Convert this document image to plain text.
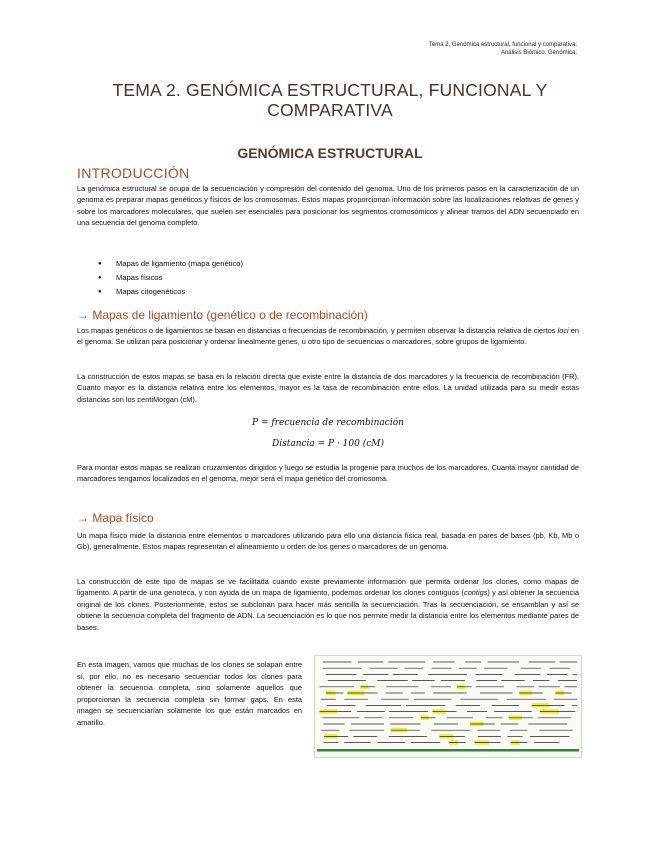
Tema 2. Genómica estructural, funcional y comparativa.
Análisis Biómico. Genómica.
TEMA 2. GENÓMICA ESTRUCTURAL, FUNCIONAL Y
COMPARATIVA
GENÓMICA ESTRUCTURAL
INTRODUCCIÓN

La genómica estructural se ocupa de la secuenciación y compresión del contenido del genoma. Uno de los primeros pasos en la caracterización de un genoma es preparar mapas genéticos y físicos de los cromosomas. Estos mapas proporcionan información sobre las localizaciones relativas de genes y sobre los marcadores moleculares, que suelen ser esenciales para posicionar los segmentos cromosómicos y alinear tramos del ADN secuenciado en una secuencia del genoma completo.

● Mapas de ligamiento (mapa genético)
● Mapas físicos
● Mapas citogenéticos
→ Mapas de ligamiento (genético o de recombinación)

Los mapas genéticos o de ligamientos se basan en distancias o frecuencias de recombinación, y permiten observar la distancia relativa de ciertos loci en el genoma. Se utilizan para posicionar y ordenar linealmente genes, u otro tipo de secuencias o marcadores, sobre grupos de ligamiento.

La construcción de estos mapas se basa en la relación directa que existe entre la distancia de dos marcadores y la frecuencia de recombinación (FR). Cuanto mayor es la distancia relativa entre los elementos, mayor es la tasa de recombinación entre ellos. La unidad utilizada para su medir estas distancias son los centiMorgan (cM).

P = frecuencia de recombinación
Distancia = P · 100 (cM)

Para montar estos mapas se realizan cruzamientos dirigidos y luego se estudia la progenie para muchos de los marcadores. Cuanta mayor cantidad de marcadores tengamos localizados en el genoma, mejor será el mapa genético del cromosoma.

→ Mapa físico

Un mapa físico mide la distancia entre elementos o marcadores utilizando para ello una distancia física real, basada en pares de bases (pb, Kb, Mb o Gb), generalmente. Estos mapas representan el alineamiento u orden de los genes o marcadores de un genoma.

La construcción de este tipo de mapas se ve facilitada cuando existe previamente información que permita ordenar los clones, como mapas de ligamento. A partir de una genoteca, y con ayuda de un mapa de ligamiento, podemos ordenar los clones contiguos (contigs) y así obtener la secuencia original de los clones. Posteriormente, estos se subclonan para hacer más sencilla la secuenciación. Tras la secuenciación, se ensamblan y así se obtiene la secuencia completa del fragmento de ADN. La secuenciación es lo que nos permite medir la distancia entre los elementos mediante pares de bases.

En esta imagen, vamos que muchas de los clones se solapan entre sí, por ello, no es necesario secuenciar todos los clones para obtener la secuencia completa, sino solamente aquellos que proporcionan la secuencia completa sin formar gaps. En esta imagen se secuenciarían solamente los que están marcados en amarillo.
